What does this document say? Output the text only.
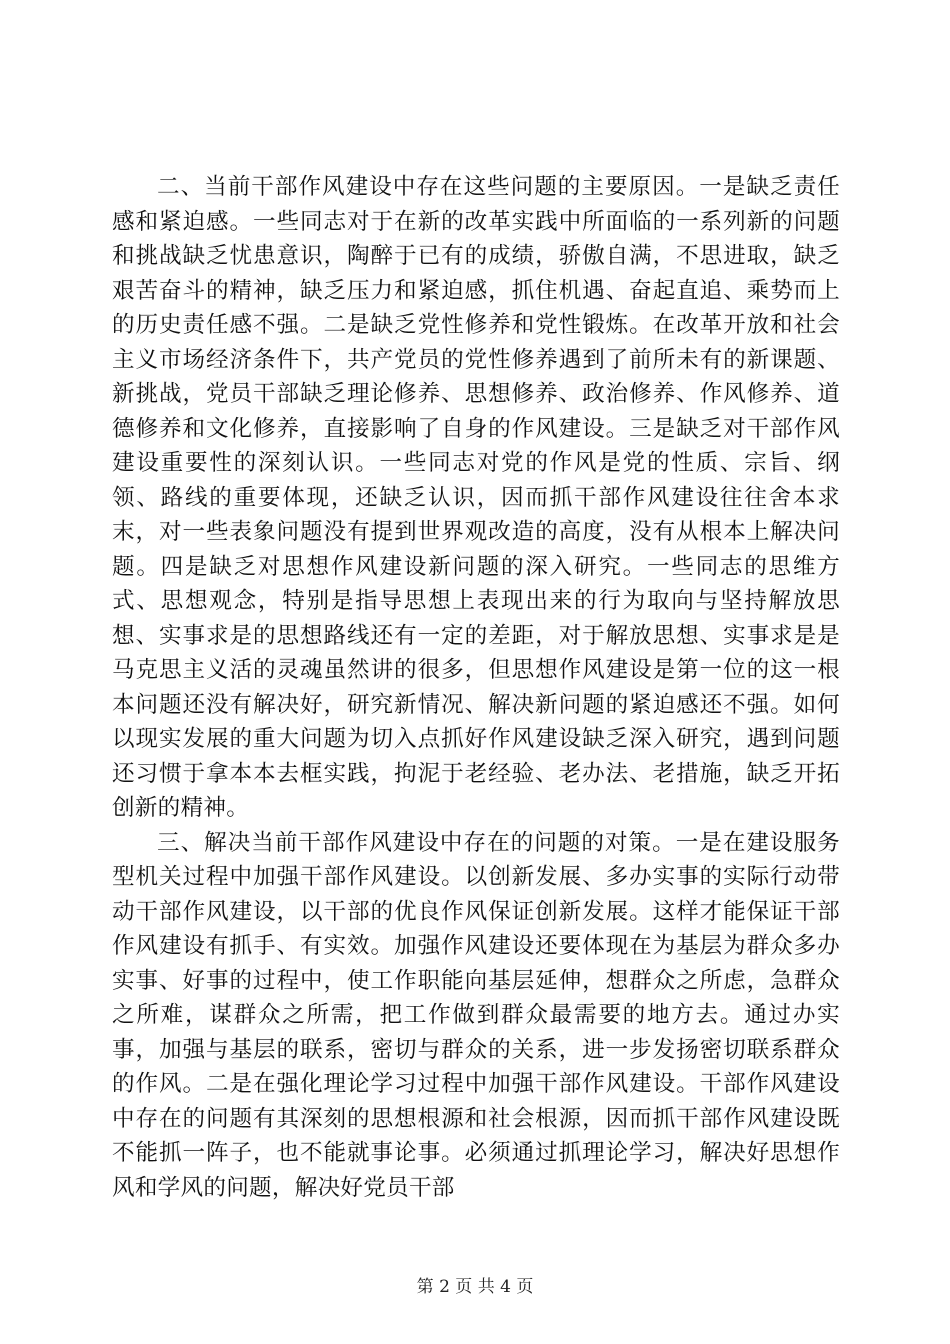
二、当前干部作风建设中存在这些问题的主要原因。一是缺乏责任感和紧迫感。一些同志对于在新的改革实践中所面临的一系列新的问题和挑战缺乏忧患意识，陶醉于已有的成绩，骄傲自满，不思进取，缺乏艰苦奋斗的精神，缺乏压力和紧迫感，抓住机遇、奋起直追、乘势而上的历史责任感不强。二是缺乏党性修养和党性锻炼。在改革开放和社会主义市场经济条件下，共产党员的党性修养遇到了前所未有的新课题、新挑战，党员干部缺乏理论修养、思想修养、政治修养、作风修养、道德修养和文化修养，直接影响了自身的作风建设。三是缺乏对干部作风建设重要性的深刻认识。一些同志对党的作风是党的性质、宗旨、纲领、路线的重要体现，还缺乏认识，因而抓干部作风建设往往舍本求末，对一些表象问题没有提到世界观改造的高度，没有从根本上解决问题。四是缺乏对思想作风建设新问题的深入研究。一些同志的思维方式、思想观念，特别是指导思想上表现出来的行为取向与坚持解放思想、实事求是的思想路线还有一定的差距，对于解放思想、实事求是是马克思主义活的灵魂虽然讲的很多，但思想作风建设是第一位的这一根本问题还没有解决好，研究新情况、解决新问题的紧迫感还不强。如何以现实发展的重大问题为切入点抓好作风建设缺乏深入研究，遇到问题还习惯于拿本本去框实践，拘泥于老经验、老办法、老措施，缺乏开拓创新的精神。

三、解决当前干部作风建设中存在的问题的对策。一是在建设服务型机关过程中加强干部作风建设。以创新发展、多办实事的实际行动带动干部作风建设，以干部的优良作风保证创新发展。这样才能保证干部作风建设有抓手、有实效。加强作风建设还要体现在为基层为群众多办实事、好事的过程中，使工作职能向基层延伸，想群众之所虑，急群众之所难，谋群众之所需，把工作做到群众最需要的地方去。通过办实事，加强与基层的联系，密切与群众的关系，进一步发扬密切联系群众的作风。二是在强化理论学习过程中加强干部作风建设。干部作风建设中存在的问题有其深刻的思想根源和社会根源，因而抓干部作风建设既不能抓一阵子，也不能就事论事。必须通过抓理论学习，解决好思想作风和学风的问题，解决好党员干部

第 2 页 共 4 页
